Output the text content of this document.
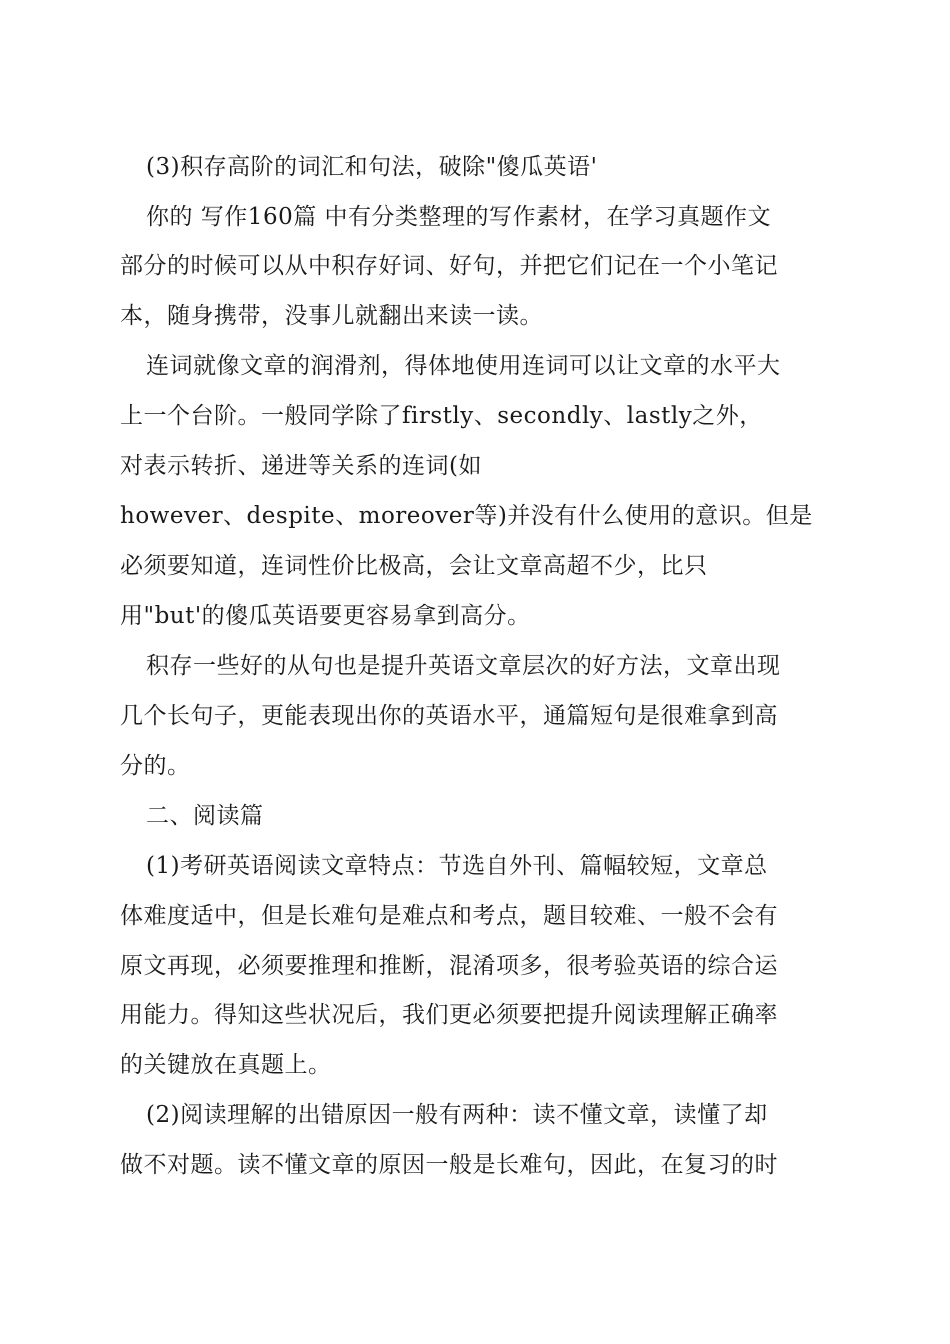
(3)积存高阶的词汇和句法，破除"傻瓜英语'

你的 写作160篇 中有分类整理的写作素材，在学习真题作文

部分的时候可以从中积存好词、好句，并把它们记在一个小笔记

本，随身携带，没事儿就翻出来读一读。

连词就像文章的润滑剂，得体地使用连词可以让文章的水平大

上一个台阶。一般同学除了firstly、secondly、lastly之外，

对表示转折、递进等关系的连词(如

however、despite、moreover等)并没有什么使用的意识。但是

必须要知道，连词性价比极高，会让文章高超不少，比只

用"but'的傻瓜英语要更容易拿到高分。

积存一些好的从句也是提升英语文章层次的好方法，文章出现

几个长句子，更能表现出你的英语水平，通篇短句是很难拿到高

分的。

二、阅读篇

(1)考研英语阅读文章特点：节选自外刊、篇幅较短，文章总

体难度适中，但是长难句是难点和考点，题目较难、一般不会有

原文再现，必须要推理和推断，混淆项多，很考验英语的综合运

用能力。得知这些状况后，我们更必须要把提升阅读理解正确率

的关键放在真题上。

(2)阅读理解的出错原因一般有两种：读不懂文章，读懂了却

做不对题。读不懂文章的原因一般是长难句，因此，在复习的时
